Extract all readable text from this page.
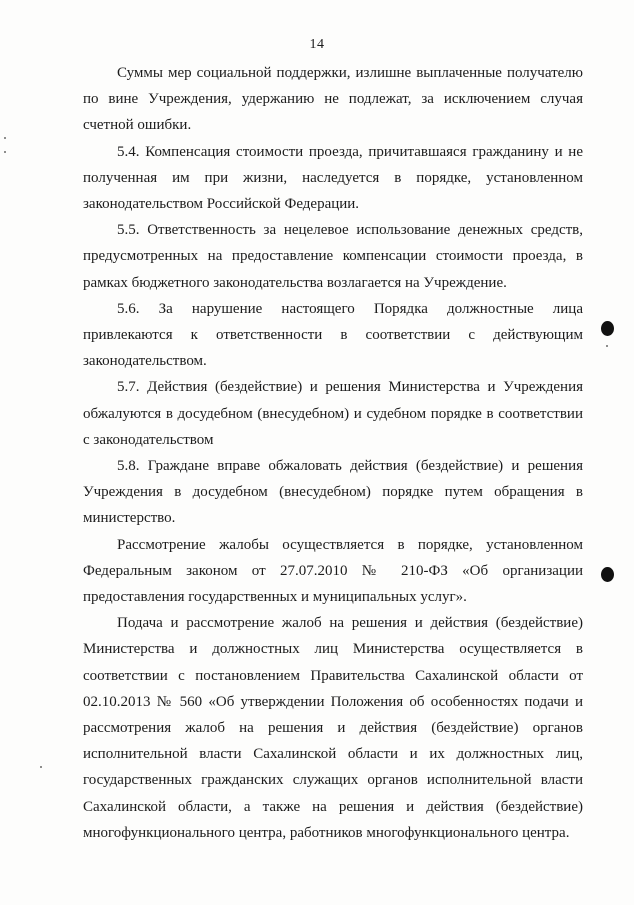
14

Суммы мер социальной поддержки, излишне выплаченные получателю по вине Учреждения, удержанию не подлежат, за исключением случая счетной ошибки.

5.4. Компенсация стоимости проезда, причитавшаяся гражданину и не полученная им при жизни, наследуется в порядке, установленном законодательством Российской Федерации.

5.5. Ответственность за нецелевое использование денежных средств, предусмотренных на предоставление компенсации стоимости проезда, в рамках бюджетного законодательства возлагается на Учреждение.

5.6. За нарушение настоящего Порядка должностные лица привлекаются к ответственности в соответствии с действующим законодательством.

5.7. Действия (бездействие) и решения Министерства и Учреждения обжалуются в досудебном (внесудебном) и судебном порядке в соответствии с законодательством

5.8. Граждане вправе обжаловать действия (бездействие) и решения Учреждения в досудебном (внесудебном) порядке путем обращения в министерство.

Рассмотрение жалобы осуществляется в порядке, установленном Федеральным законом от 27.07.2010 № 210-ФЗ «Об организации предоставления государственных и муниципальных услуг».

Подача и рассмотрение жалоб на решения и действия (бездействие) Министерства и должностных лиц Министерства осуществляется в соответствии с постановлением Правительства Сахалинской области от 02.10.2013 № 560 «Об утверждении Положения об особенностях подачи и рассмотрения жалоб на решения и действия (бездействие) органов исполнительной власти Сахалинской области и их должностных лиц, государственных гражданских служащих органов исполнительной власти Сахалинской области, а также на решения и действия (бездействие) многофункционального центра, работников многофункционального центра.
